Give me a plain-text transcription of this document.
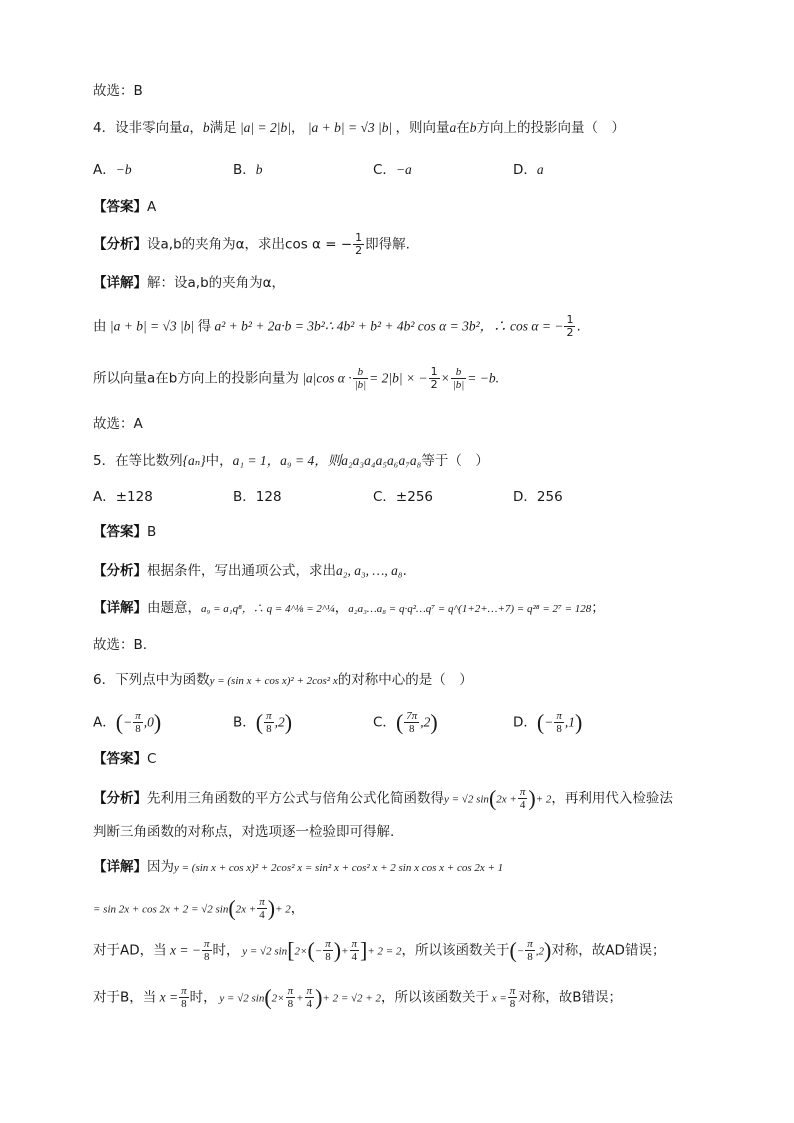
故选：B
4．设非零向量a，b满足 |a| = 2|b|， |a + b| = √3 |b| ，则向量a在b方向上的投影向量（　）
A．−b	B．b	C．−a	D．a
【答案】A
【分析】设a,b的夹角为α，求出cos α = − $\frac{1}{2}$ 即得解.
【详解】解：设a,b的夹角为α，
由 |a + b| = √3 |b| 得 a² + b² + 2a·b = 3b²∴ 4b² + b² + 4b² cos α = 3b²，∴ cos α = − $\frac{1}{2}$ .
所以向量a在b方向上的投影向量为 |a|cos $\alpha \cdot \frac{b}{|b|} = 2|b|$ × − $\frac{1}{2} \times \frac{b}{|b|} = -b$.
故选：A
5．在等比数列{aₙ}中，a₁ = 1，a₉ = 4，则a₂a₃a₄a₅a₆a₇a₈等于（　）
A．±128	B．128	C．±256	D．256
【答案】B
【分析】根据条件，写出通项公式，求出a₂, a₃, …, a₈.
【详解】由题意，a₉ = a₁q⁸，∴ q = 4^⅛ = 2^¼，a₂a₃…a₈ = q·q²…q⁷ = q^(1+2+…+7) = q²⁸ = 2⁷ = 128；
故选：B.
6．下列点中为函数y = (sin x + cos x)² + 2cos² x的对称中心的是（　）
A．(− $\frac{\pi}{8} ,0$)	B．( $\frac{\pi}{8} ,2$)	C．( $\frac{7\pi}{8} ,2$)	D．(− $\frac{\pi}{8} ,1$)
【答案】C
【分析】先利用三角函数的平方公式与倍角公式化简函数得y = √2 $\sin(2x + \frac{\pi}{4}$ )+ 2，再利用代入检验法
判断三角函数的对称点，对选项逐一检验即可得解.
【详解】因为y = (sin x + cos x)² + 2cos² x = sin² x + cos² x + 2 sin x cos x + cos 2x + 1
= sin 2x + cos 2x + 2 = √2 $\sin(2x + \frac{\pi}{4}$ )+ 2，
对于AD，当 x = − $\frac{\pi}{8}$ 时， y = √2 $\sin[2\times(- \frac{\pi}{8}$ )+ $\frac{\pi}{4}$ ]+ 2 = 2，所以该函数关于(− $\frac{\pi}{8} ,2$)对称，故AD错误；
对于B，当 $x = \frac{\pi}{8}$ 时， y = √2 $\sin(2\times \frac{\pi}{8} + \frac{\pi}{4}$ )+ 2 = √2 + 2，所以该函数关于 $x = \frac{\pi}{8}$ 对称，故B错误；
